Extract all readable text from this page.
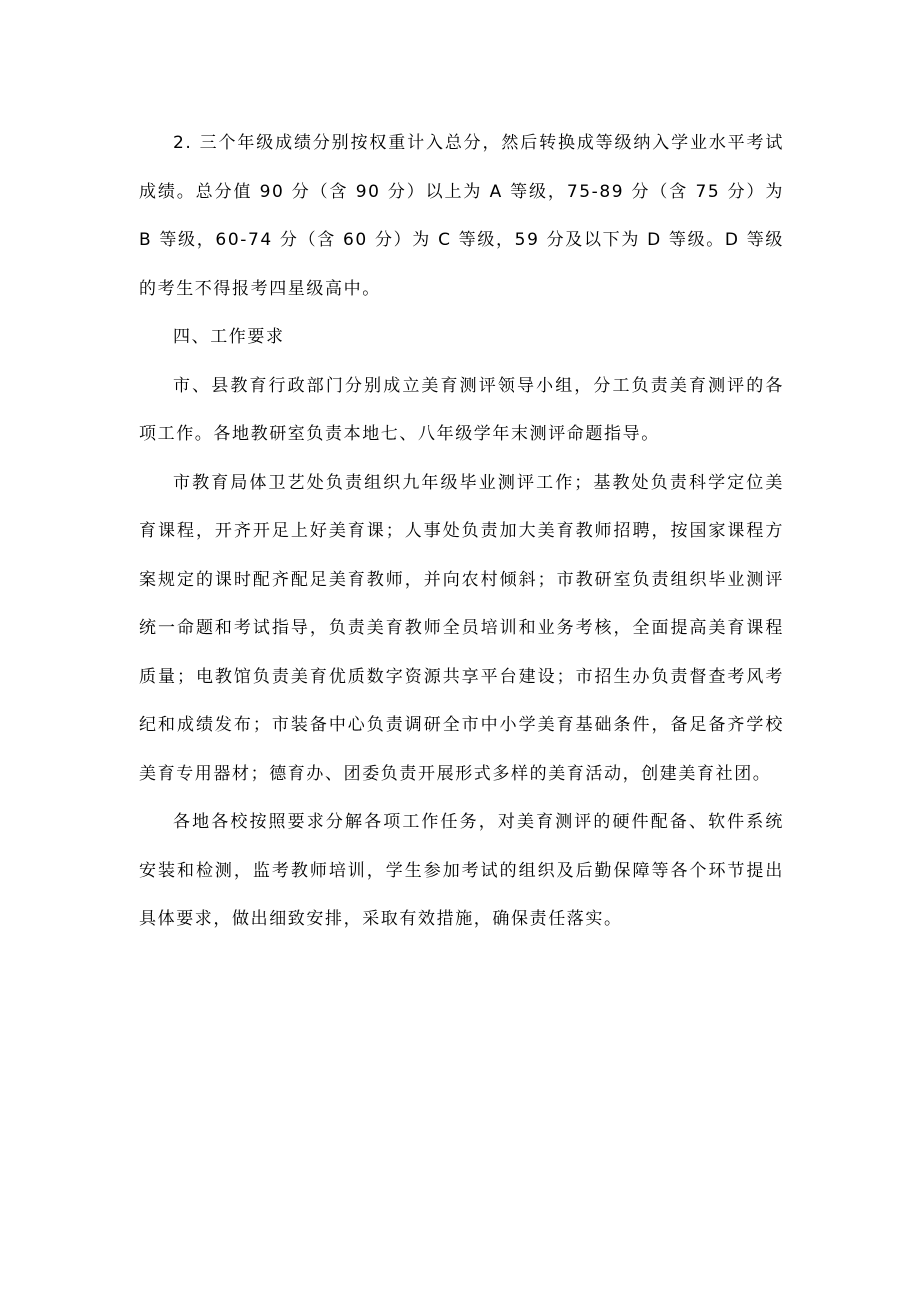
2. 三个年级成绩分别按权重计入总分，然后转换成等级纳入学业水平考试成绩。总分值 90 分（含 90 分）以上为 A 等级，75-89 分（含 75 分）为 B 等级，60-74 分（含 60 分）为 C 等级，59 分及以下为 D 等级。D 等级的考生不得报考四星级高中。

四、工作要求

市、县教育行政部门分别成立美育测评领导小组，分工负责美育测评的各项工作。各地教研室负责本地七、八年级学年末测评命题指导。

市教育局体卫艺处负责组织九年级毕业测评工作；基教处负责科学定位美育课程，开齐开足上好美育课；人事处负责加大美育教师招聘，按国家课程方案规定的课时配齐配足美育教师，并向农村倾斜；市教研室负责组织毕业测评统一命题和考试指导，负责美育教师全员培训和业务考核，全面提高美育课程质量；电教馆负责美育优质数字资源共享平台建设；市招生办负责督查考风考纪和成绩发布；市装备中心负责调研全市中小学美育基础条件，备足备齐学校美育专用器材；德育办、团委负责开展形式多样的美育活动，创建美育社团。

各地各校按照要求分解各项工作任务，对美育测评的硬件配备、软件系统安装和检测，监考教师培训，学生参加考试的组织及后勤保障等各个环节提出具体要求，做出细致安排，采取有效措施，确保责任落实。
